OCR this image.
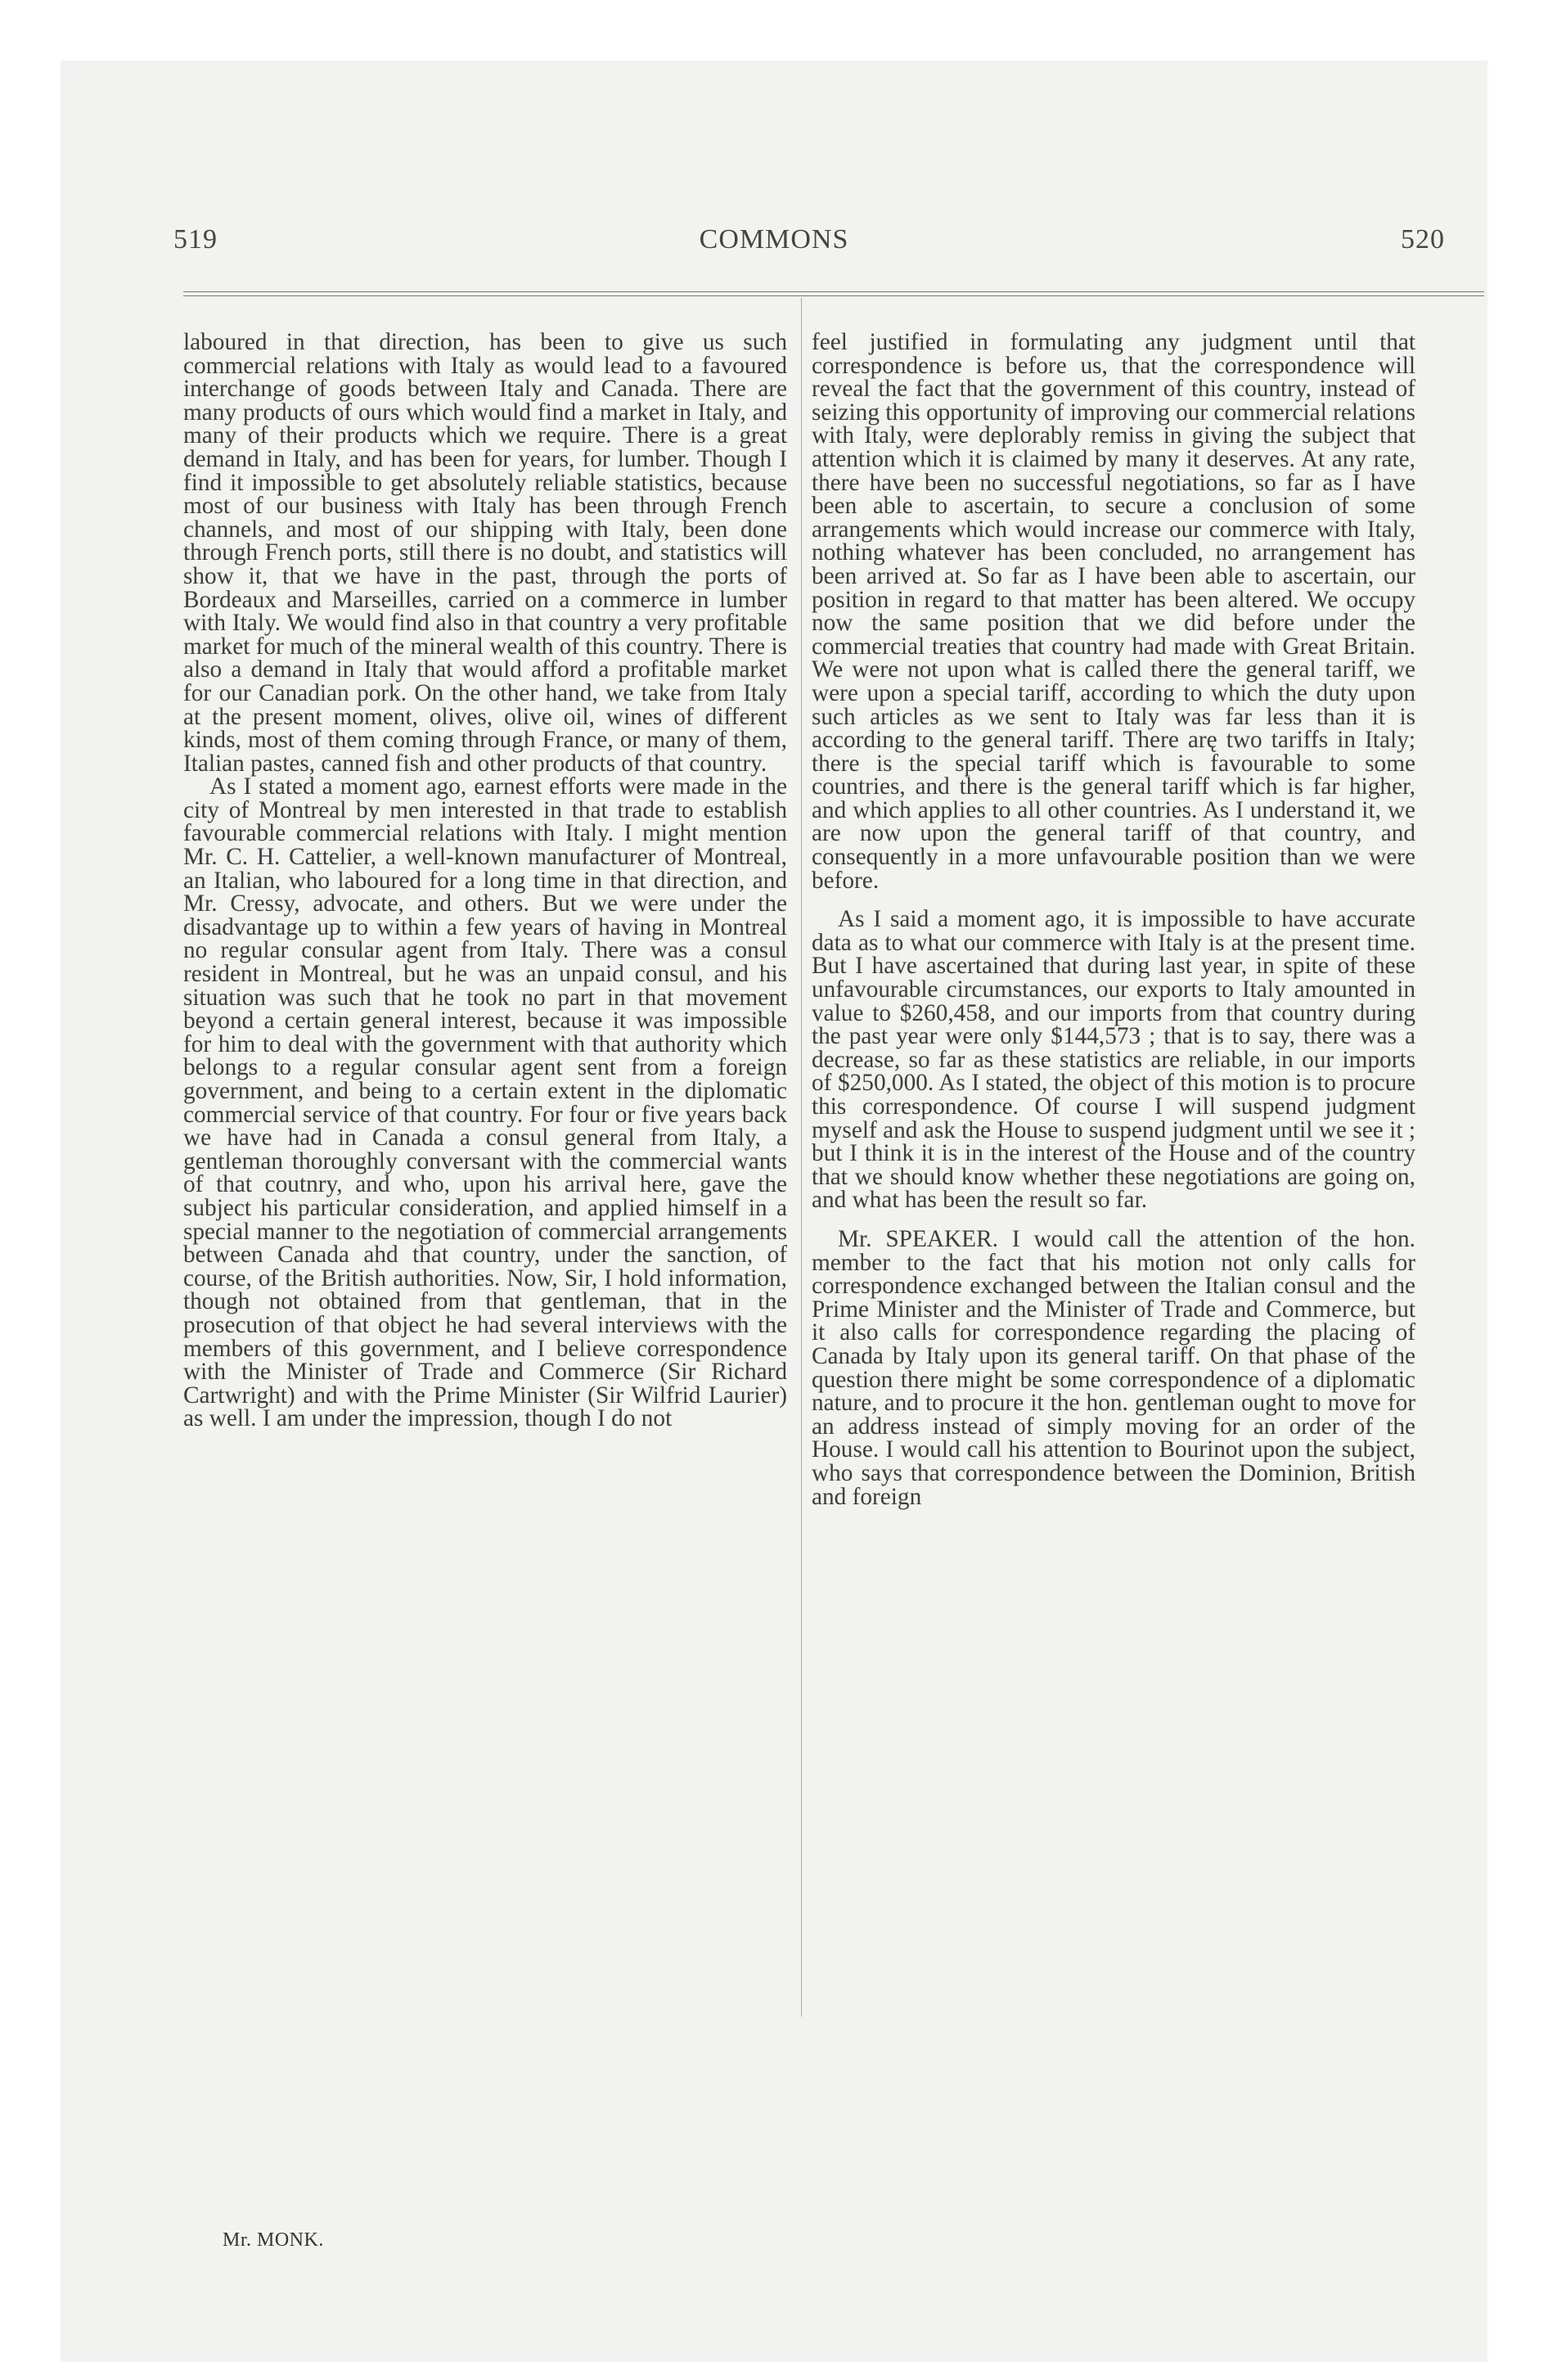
519	COMMONS	520

laboured in that direction, has been to give us such commercial relations with Italy as would lead to a favoured interchange of goods between Italy and Canada. There are many products of ours which would find a market in Italy, and many of their products which we require. There is a great demand in Italy, and has been for years, for lumber. Though I find it impossible to get absolutely reliable statistics, because most of our business with Italy has been through French channels, and most of our shipping with Italy, been done through French ports, still there is no doubt, and statistics will show it, that we have in the past, through the ports of Bordeaux and Marseilles, carried on a commerce in lumber with Italy. We would find also in that country a very profitable market for much of the mineral wealth of this country. There is also a demand in Italy that would afford a profitable market for our Canadian pork. On the other hand, we take from Italy at the present moment, olives, olive oil, wines of different kinds, most of them coming through France, or many of them, Italian pastes, canned fish and other products of that country.

As I stated a moment ago, earnest efforts were made in the city of Montreal by men interested in that trade to establish favourable commercial relations with Italy. I might mention Mr. C. H. Cattelier, a well-known manufacturer of Montreal, an Italian, who laboured for a long time in that direction, and Mr. Cressy, advocate, and others. But we were under the disadvantage up to within a few years of having in Montreal no regular consular agent from Italy. There was a consul resident in Montreal, but he was an unpaid consul, and his situation was such that he took no part in that movement beyond a certain general interest, because it was impossible for him to deal with the government with that authority which belongs to a regular consular agent sent from a foreign government, and being to a certain extent in the diplomatic commercial service of that country. For four or five years back we have had in Canada a consul general from Italy, a gentleman thoroughly conversant with the commercial wants of that coutnry, and who, upon his arrival here, gave the subject his particular consideration, and applied himself in a special manner to the negotiation of commercial arrangements between Canada ahd that country, under the sanction, of course, of the British authorities. Now, Sir, I hold information, though not obtained from that gentleman, that in the prosecution of that object he had several interviews with the members of this government, and I believe correspondence with the Minister of Trade and Commerce (Sir Richard Cartwright) and with the Prime Minister (Sir Wilfrid Laurier) as well. I am under the impression, though I do not

feel justified in formulating any judgment until that correspondence is before us, that the correspondence will reveal the fact that the government of this country, instead of seizing this opportunity of improving our commercial relations with Italy, were deplorably remiss in giving the subject that attention which it is claimed by many it deserves. At any rate, there have been no successful negotiations, so far as I have been able to ascertain, to secure a conclusion of some arrangements which would increase our commerce with Italy, nothing whatever has been concluded, no arrangement has been arrived at. So far as I have been able to ascertain, our position in regard to that matter has been altered. We occupy now the same position that we did before under the commercial treaties that country had made with Great Britain. We were not upon what is called there the general tariff, we were upon a special tariff, according to which the duty upon such articles as we sent to Italy was far less than it is according to the general tariff. There arę two tariffs in Italy; there is the special tariff which is favourable to some countries, and there is the general tariff which is far higher, and which applies to all other countries. As I understand it, we are now upon the general tariff of that country, and consequently in a more unfavourable position than we were before.

As I said a moment ago, it is impossible to have accurate data as to what our commerce with Italy is at the present time. But I have ascertained that during last year, in spite of these unfavourable circumstances, our exports to Italy amounted in value to $260,458, and our imports from that country during the past year were only $144,573 ; that is to say, there was a decrease, so far as these statistics are reliable, in our imports of $250,000. As I stated, the object of this motion is to procure this correspondence. Of course I will suspend judgment myself and ask the House to suspend judgment until we see it ; but I think it is in the interest of the House and of the country that we should know whether these negotiations are going on, and what has been the result so far.

Mr. SPEAKER. I would call the attention of the hon. member to the fact that his motion not only calls for correspondence exchanged between the Italian consul and the Prime Minister and the Minister of Trade and Commerce, but it also calls for correspondence regarding the placing of Canada by Italy upon its general tariff. On that phase of the question there might be some correspondence of a diplomatic nature, and to procure it the hon. gentleman ought to move for an address instead of simply moving for an order of the House. I would call his attention to Bourinot upon the subject, who says that correspondence between the Dominion, British and foreign

Mr. MONK.
